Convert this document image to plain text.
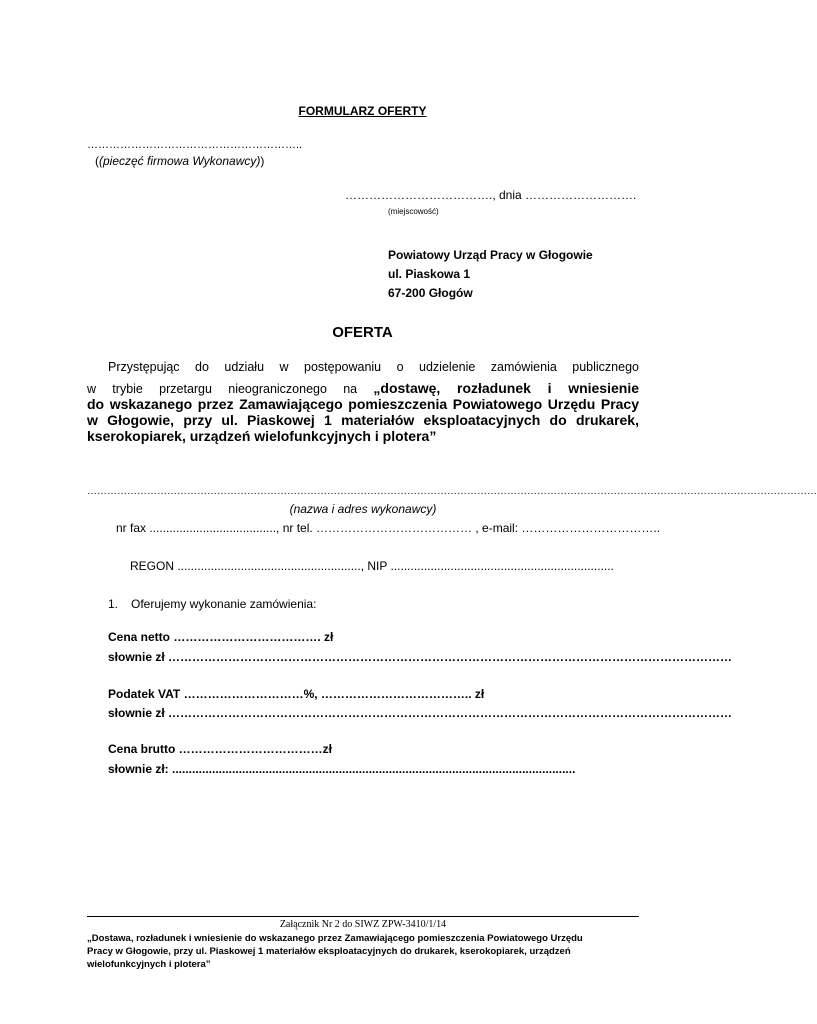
FORMULARZ OFERTY
…………………………………………………..
((pieczęć firmowa Wykonawcy))
………………………………., dnia ……………………….
(miejscowość)
Powiatowy Urząd Pracy w Głogowie
ul. Piaskowa 1
67-200 Głogów
OFERTA
Przystępując do udziału w postępowaniu o udzielenie zamówienia publicznego
w trybie przetargu nieograniczonego na „dostawę, rozładunek i wniesienie
do wskazanego przez Zamawiającego pomieszczenia Powiatowego Urzędu Pracy
w Głogowie, przy ul. Piaskowej 1 materiałów eksploatacyjnych do drukarek,
kserokopiarek, urządzeń wielofunkcyjnych i plotera”
…………………………………………………………………………………………………………………………………………………………………………………………………
(nazwa i adres wykonawcy)
nr fax ......................................, nr tel. ………………………………… , e-mail: ……………………………..
REGON ......................................................., NIP ...................................................................
1. Oferujemy wykonanie zamówienia:
Cena netto ………………………………. zł
słownie zł ……………………………………………………………………………………………………………………………
Podatek VAT …………………………%, ……………………………….. zł
słownie zł ……………………………………………………………………………………………………………………………
Cena brutto ………………………………zł
słownie zł: .........................................................................................................................
Załącznik Nr 2 do SIWZ ZPW-3410/1/14
„Dostawa, rozładunek i wniesienie do wskazanego przez Zamawiającego pomieszczenia Powiatowego Urzędu
Pracy w Głogowie, przy ul. Piaskowej 1 materiałów eksploatacyjnych do drukarek, kserokopiarek, urządzeń
wielofunkcyjnych i plotera”
